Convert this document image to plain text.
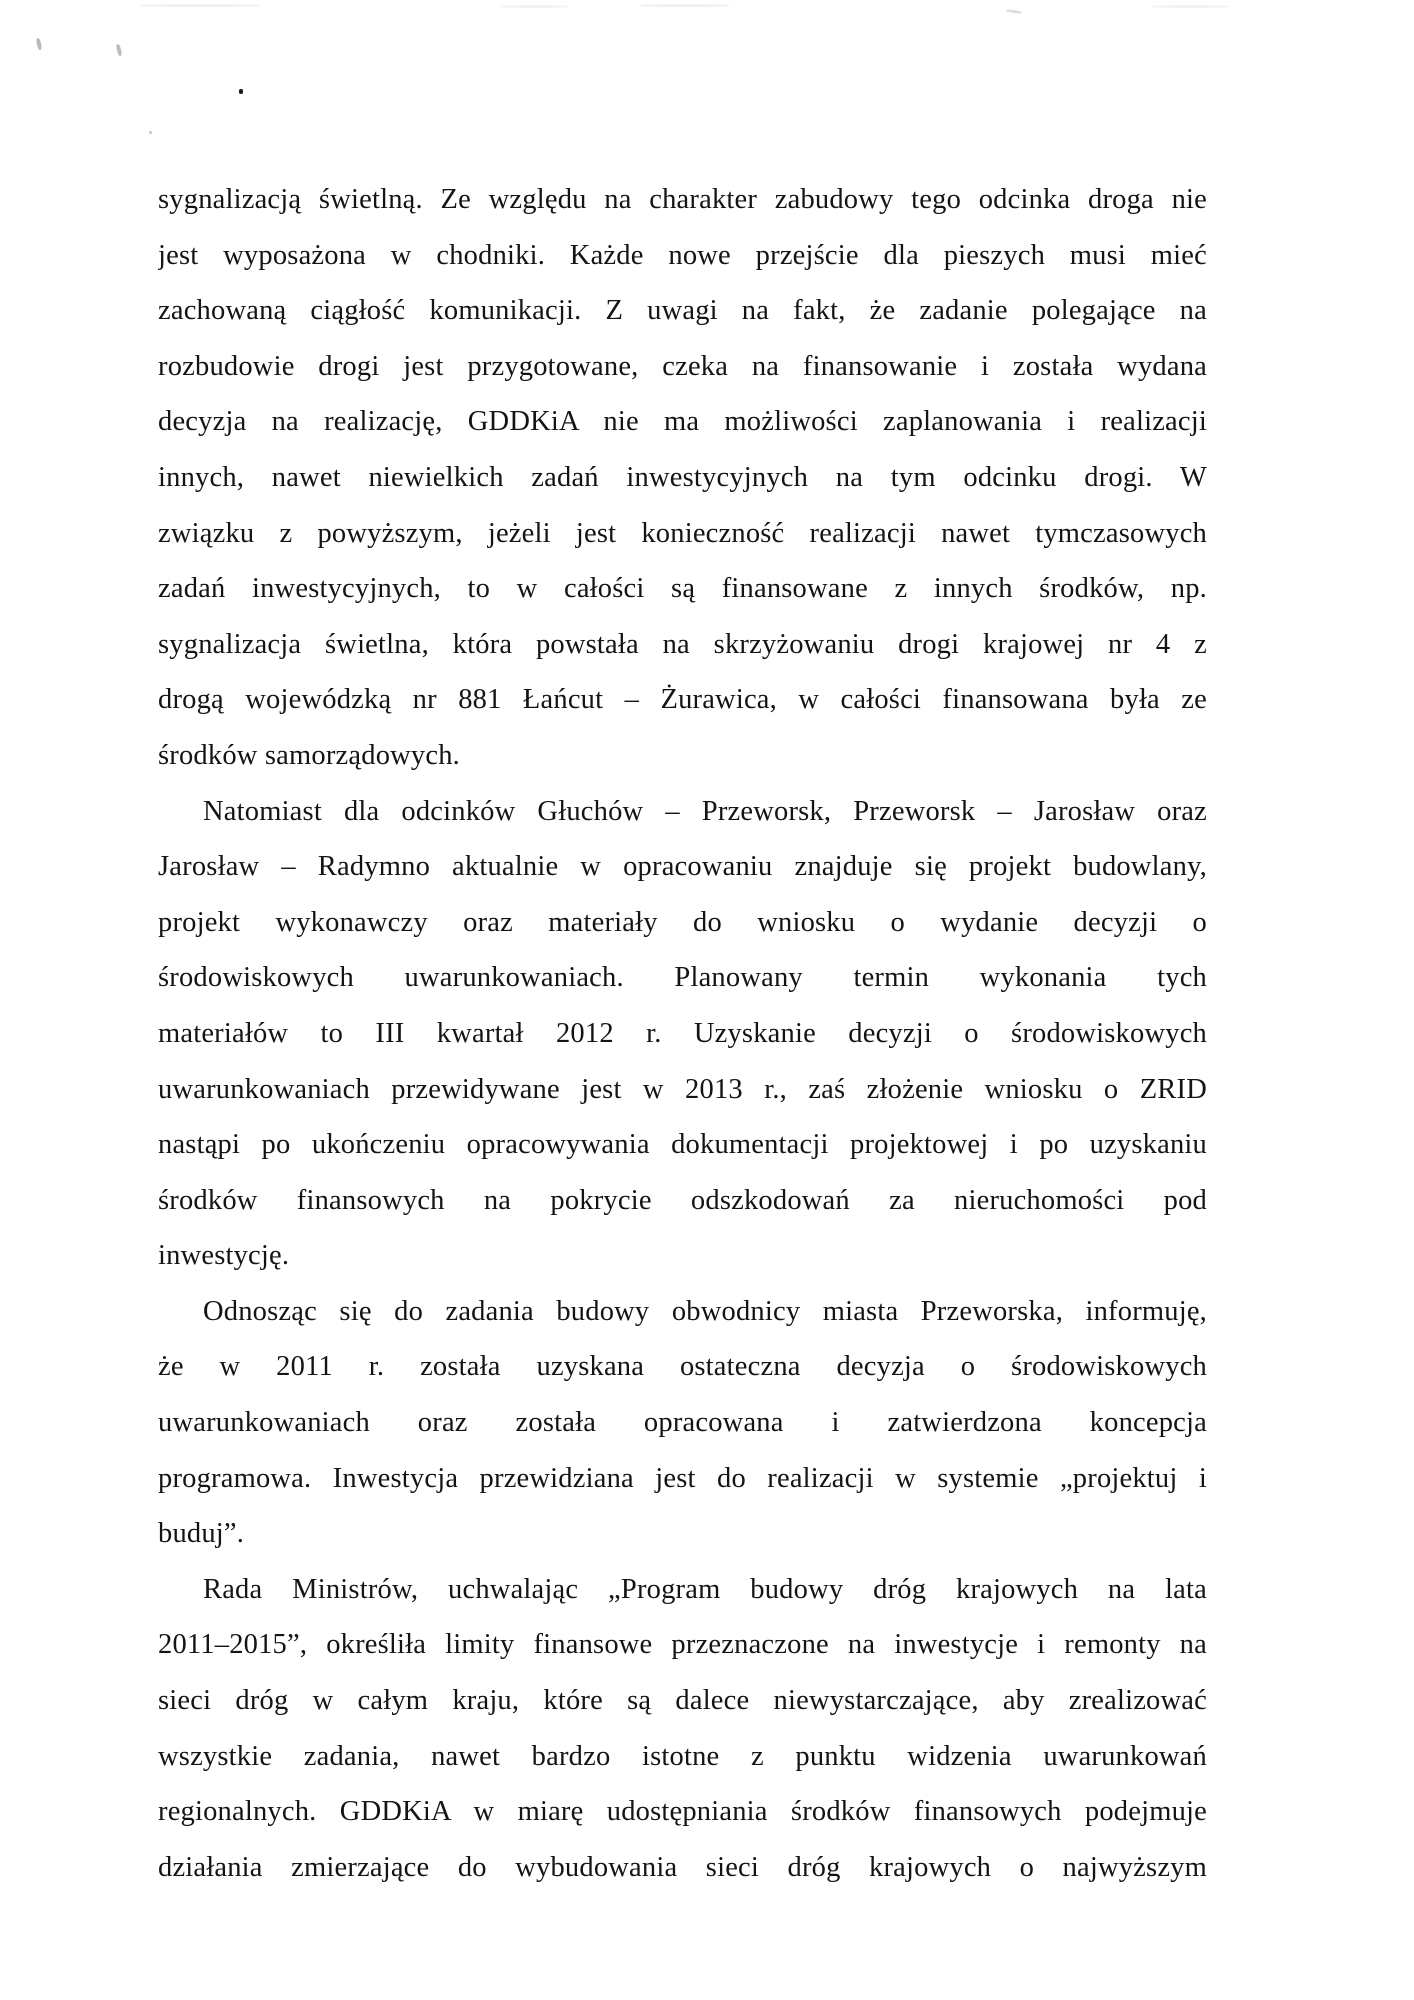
sygnalizacją świetlną. Ze względu na charakter zabudowy tego odcinka droga nie
jest wyposażona w chodniki. Każde nowe przejście dla pieszych musi mieć
zachowaną ciągłość komunikacji. Z uwagi na fakt, że zadanie polegające na
rozbudowie drogi jest przygotowane, czeka na finansowanie i została wydana
decyzja na realizację, GDDKiA nie ma możliwości zaplanowania i realizacji
innych, nawet niewielkich zadań inwestycyjnych na tym odcinku drogi. W
związku z powyższym, jeżeli jest konieczność realizacji nawet tymczasowych
zadań inwestycyjnych, to w całości są finansowane z innych środków, np.
sygnalizacja świetlna, która powstała na skrzyżowaniu drogi krajowej nr 4 z
drogą wojewódzką nr 881 Łańcut – Żurawica, w całości finansowana była ze
środków samorządowych.
Natomiast dla odcinków Głuchów – Przeworsk, Przeworsk – Jarosław oraz
Jarosław – Radymno aktualnie w opracowaniu znajduje się projekt budowlany,
projekt wykonawczy oraz materiały do wniosku o wydanie decyzji o
środowiskowych uwarunkowaniach. Planowany termin wykonania tych
materiałów to III kwartał 2012 r. Uzyskanie decyzji o środowiskowych
uwarunkowaniach przewidywane jest w 2013 r., zaś złożenie wniosku o ZRID
nastąpi po ukończeniu opracowywania dokumentacji projektowej i po uzyskaniu
środków finansowych na pokrycie odszkodowań za nieruchomości pod
inwestycję.
Odnosząc się do zadania budowy obwodnicy miasta Przeworska, informuję,
że w 2011 r. została uzyskana ostateczna decyzja o środowiskowych
uwarunkowaniach oraz została opracowana i zatwierdzona koncepcja
programowa. Inwestycja przewidziana jest do realizacji w systemie „projektuj i
buduj”.
Rada Ministrów, uchwalając „Program budowy dróg krajowych na lata
2011–2015”, określiła limity finansowe przeznaczone na inwestycje i remonty na
sieci dróg w całym kraju, które są dalece niewystarczające, aby zrealizować
wszystkie zadania, nawet bardzo istotne z punktu widzenia uwarunkowań
regionalnych. GDDKiA w miarę udostępniania środków finansowych podejmuje
działania zmierzające do wybudowania sieci dróg krajowych o najwyższym
